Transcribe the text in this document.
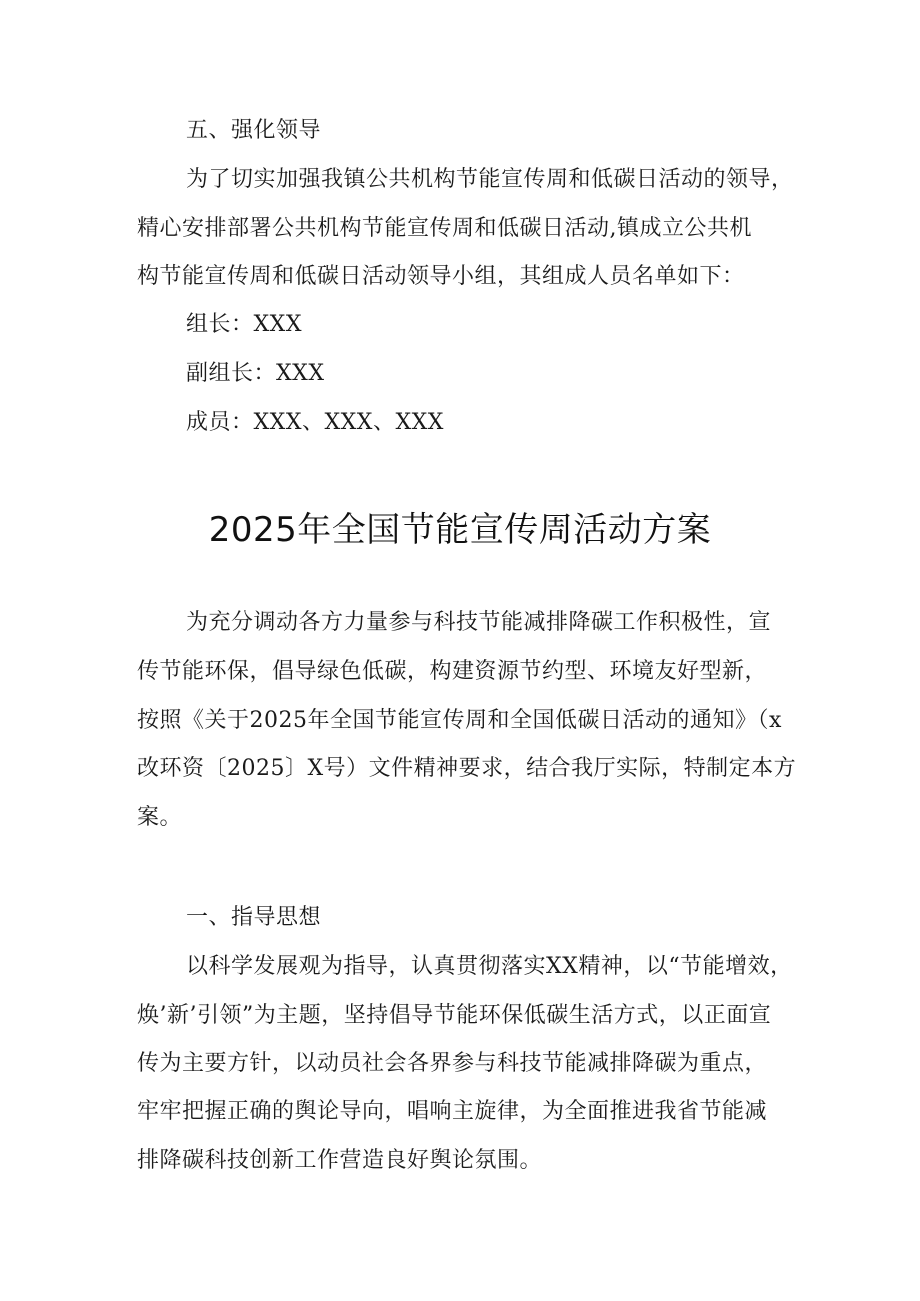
五、强化领导
为了切实加强我镇公共机构节能宣传周和低碳日活动的领导，
精心安排部署公共机构节能宣传周和低碳日活动,镇成立公共机
构节能宣传周和低碳日活动领导小组，其组成人员名单如下：
组长：XXX
副组长：XXX
成员：XXX、XXX、XXX
2025年全国节能宣传周活动方案
为充分调动各方力量参与科技节能减排降碳工作积极性，宣
传节能环保，倡导绿色低碳，构建资源节约型、环境友好型新，
按照《关于2025年全国节能宣传周和全国低碳日活动的通知》（x
改环资〔2025〕X号）文件精神要求，结合我厅实际，特制定本方
案。
一、指导思想
以科学发展观为指导，认真贯彻落实XX精神，以“节能增效，
焕’新’引领”为主题，坚持倡导节能环保低碳生活方式，以正面宣
传为主要方针，以动员社会各界参与科技节能减排降碳为重点，
牢牢把握正确的舆论导向，唱响主旋律，为全面推进我省节能减
排降碳科技创新工作营造良好舆论氛围。
